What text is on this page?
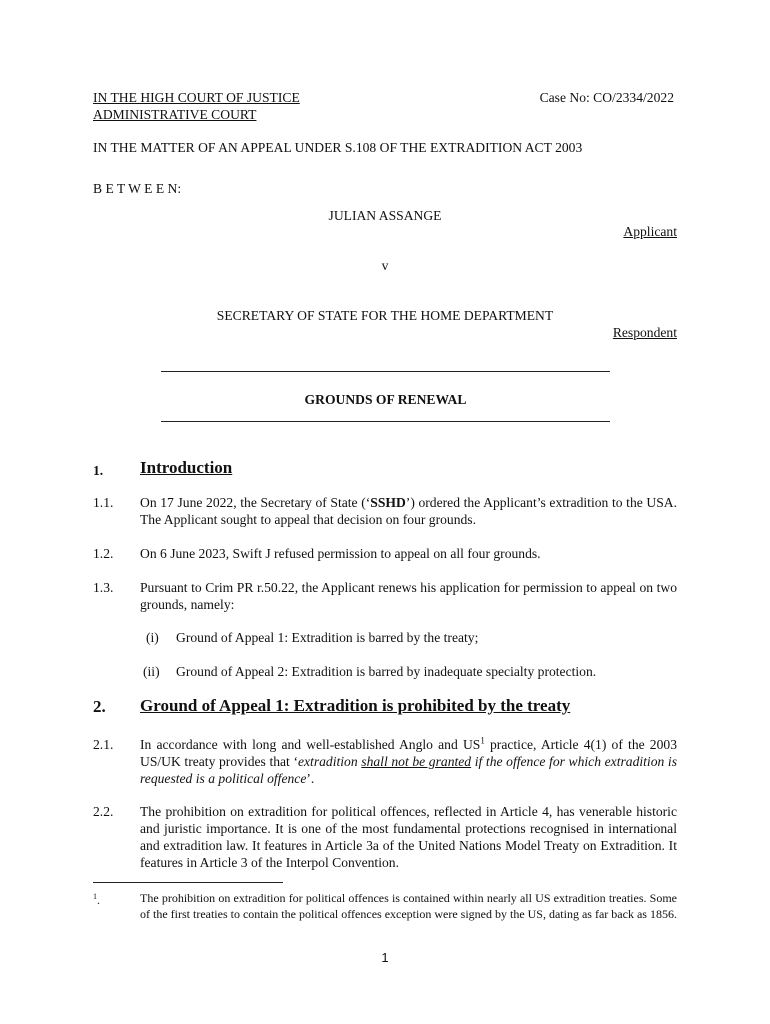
IN THE HIGH COURT OF JUSTICE
ADMINISTRATIVE COURT
Case No: CO/2334/2022
IN THE MATTER OF AN APPEAL UNDER S.108 OF THE EXTRADITION ACT 2003
B E T W E E N:
JULIAN ASSANGE
Applicant
v
SECRETARY OF STATE FOR THE HOME DEPARTMENT
Respondent
GROUNDS OF RENEWAL
1. Introduction
1.1. On 17 June 2022, the Secretary of State (‘SSHD’) ordered the Applicant’s extradition to the USA. The Applicant sought to appeal that decision on four grounds.
1.2. On 6 June 2023, Swift J refused permission to appeal on all four grounds.
1.3. Pursuant to Crim PR r.50.22, the Applicant renews his application for permission to appeal on two grounds, namely:
(i) Ground of Appeal 1: Extradition is barred by the treaty;
(ii) Ground of Appeal 2: Extradition is barred by inadequate specialty protection.
2. Ground of Appeal 1: Extradition is prohibited by the treaty
2.1. In accordance with long and well-established Anglo and $US^1$ practice, Article 4(1) of the 2003 US/UK treaty provides that ‘extradition shall not be granted if the offence for which extradition is requested is a political offence’.
2.2. The prohibition on extradition for political offences, reflected in Article 4, has venerable historic and juristic importance. It is one of the most fundamental protections recognised in international and extradition law. It features in Article 3a of the United Nations Model Treaty on Extradition. It features in Article 3 of the Interpol Convention.
$^1$.	The prohibition on extradition for political offences is contained within nearly all US extradition treaties. Some of the first treaties to contain the political offences exception were signed by the US, dating as far back as 1856.
1
